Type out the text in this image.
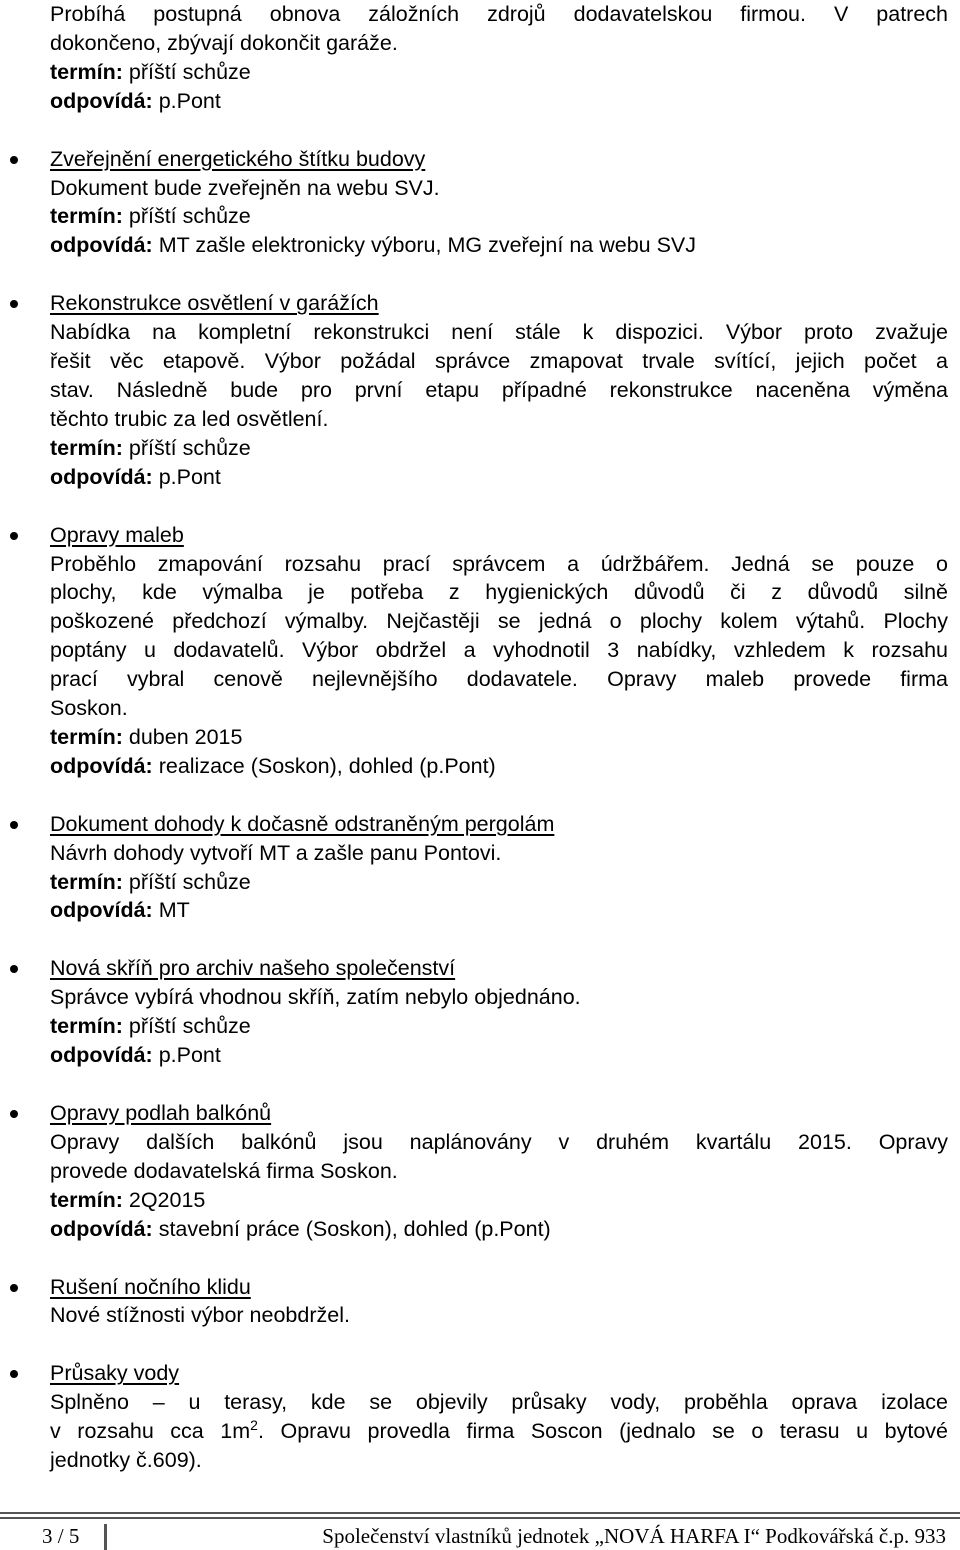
Probíhá postupná obnova záložních zdrojů dodavatelskou firmou. V patrech
dokončeno, zbývají dokončit garáže.
termín: příští schůze
odpovídá: p.Pont
Zveřejnění energetického štítku budovy
Dokument bude zveřejněn na webu SVJ.
termín: příští schůze
odpovídá: MT zašle elektronicky výboru, MG zveřejní na webu SVJ
Rekonstrukce osvětlení v garážích
Nabídka na kompletní rekonstrukci není stále k dispozici. Výbor proto zvažuje
řešit věc etapově. Výbor požádal správce zmapovat trvale svítící, jejich počet a
stav. Následně bude pro první etapu případné rekonstrukce naceněna výměna
těchto trubic za led osvětlení.
termín: příští schůze
odpovídá: p.Pont
Opravy maleb
Proběhlo zmapování rozsahu prací správcem a údržbářem. Jedná se pouze o
plochy, kde výmalba je potřeba z hygienických důvodů či z důvodů silně
poškozené předchozí výmalby. Nejčastěji se jedná o plochy kolem výtahů. Plochy
poptány u dodavatelů. Výbor obdržel a vyhodnotil 3 nabídky, vzhledem k rozsahu
prací vybral cenově nejlevnějšího dodavatele. Opravy maleb provede firma
Soskon.
termín: duben 2015
odpovídá: realizace (Soskon), dohled (p.Pont)
Dokument dohody k dočasně odstraněným pergolám
Návrh dohody vytvoří MT a zašle panu Pontovi.
termín: příští schůze
odpovídá: MT
Nová skříň pro archiv našeho společenství
Správce vybírá vhodnou skříň, zatím nebylo objednáno.
termín: příští schůze
odpovídá: p.Pont
Opravy podlah balkónů
Opravy dalších balkónů jsou naplánovány v druhém kvartálu 2015. Opravy
provede dodavatelská firma Soskon.
termín: 2Q2015
odpovídá: stavební práce (Soskon), dohled (p.Pont)
Rušení nočního klidu
Nové stížnosti výbor neobdržel.
Průsaky vody
Splněno – u terasy, kde se objevily průsaky vody, proběhla oprava izolace
v rozsahu cca $1m^2$. Opravu provedla firma Soscon (jednalo se o terasu u bytové
jednotky č.609).
3 / 5	Společenství vlastníků jednotek „NOVÁ HARFA I“ Podkovářská č.p. 933
